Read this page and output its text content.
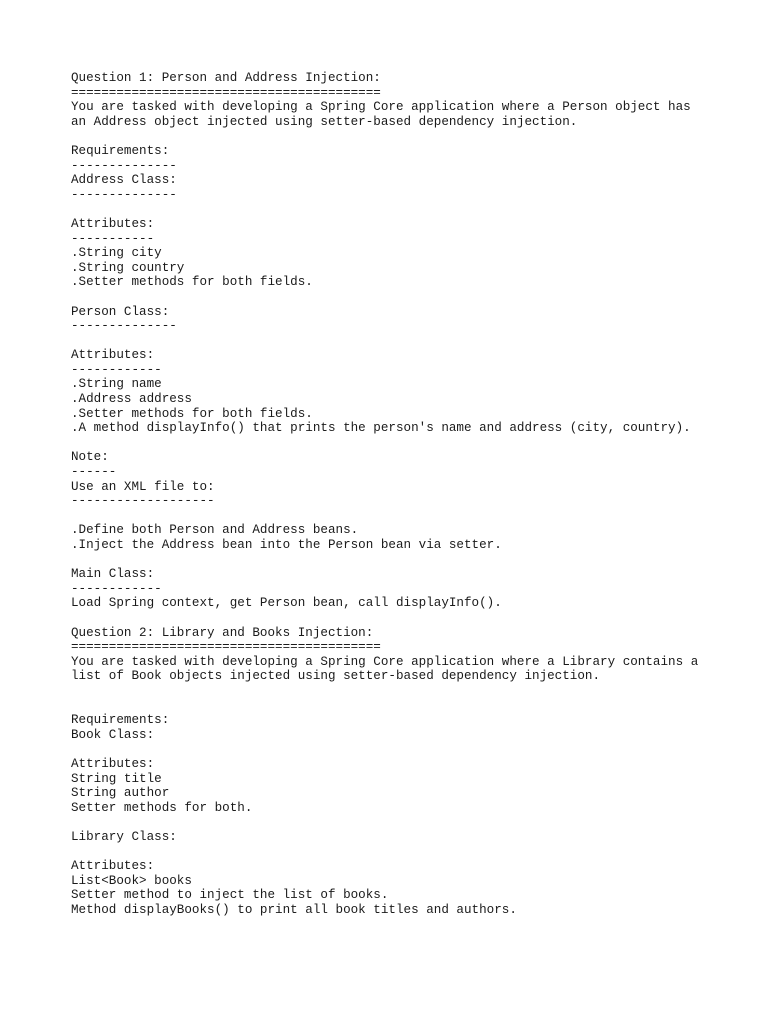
Question 1: Person and Address Injection:
=========================================
You are tasked with developing a Spring Core application where a Person object has
an Address object injected using setter-based dependency injection.
Requirements:
--------------
Address Class:
--------------
Attributes:
-----------
.String city
.String country
.Setter methods for both fields.
Person Class:
--------------
Attributes:
------------
.String name
.Address address
.Setter methods for both fields.
.A method displayInfo() that prints the person's name and address (city, country).
Note:
------
Use an XML file to:
-------------------
.Define both Person and Address beans.
.Inject the Address bean into the Person bean via setter.
Main Class:
------------
Load Spring context, get Person bean, call displayInfo().
Question 2: Library and Books Injection:
=========================================
You are tasked with developing a Spring Core application where a Library contains a
list of Book objects injected using setter-based dependency injection.
Requirements:
Book Class:
Attributes:
String title
String author
Setter methods for both.
Library Class:
Attributes:
List<Book> books
Setter method to inject the list of books.
Method displayBooks() to print all book titles and authors.
